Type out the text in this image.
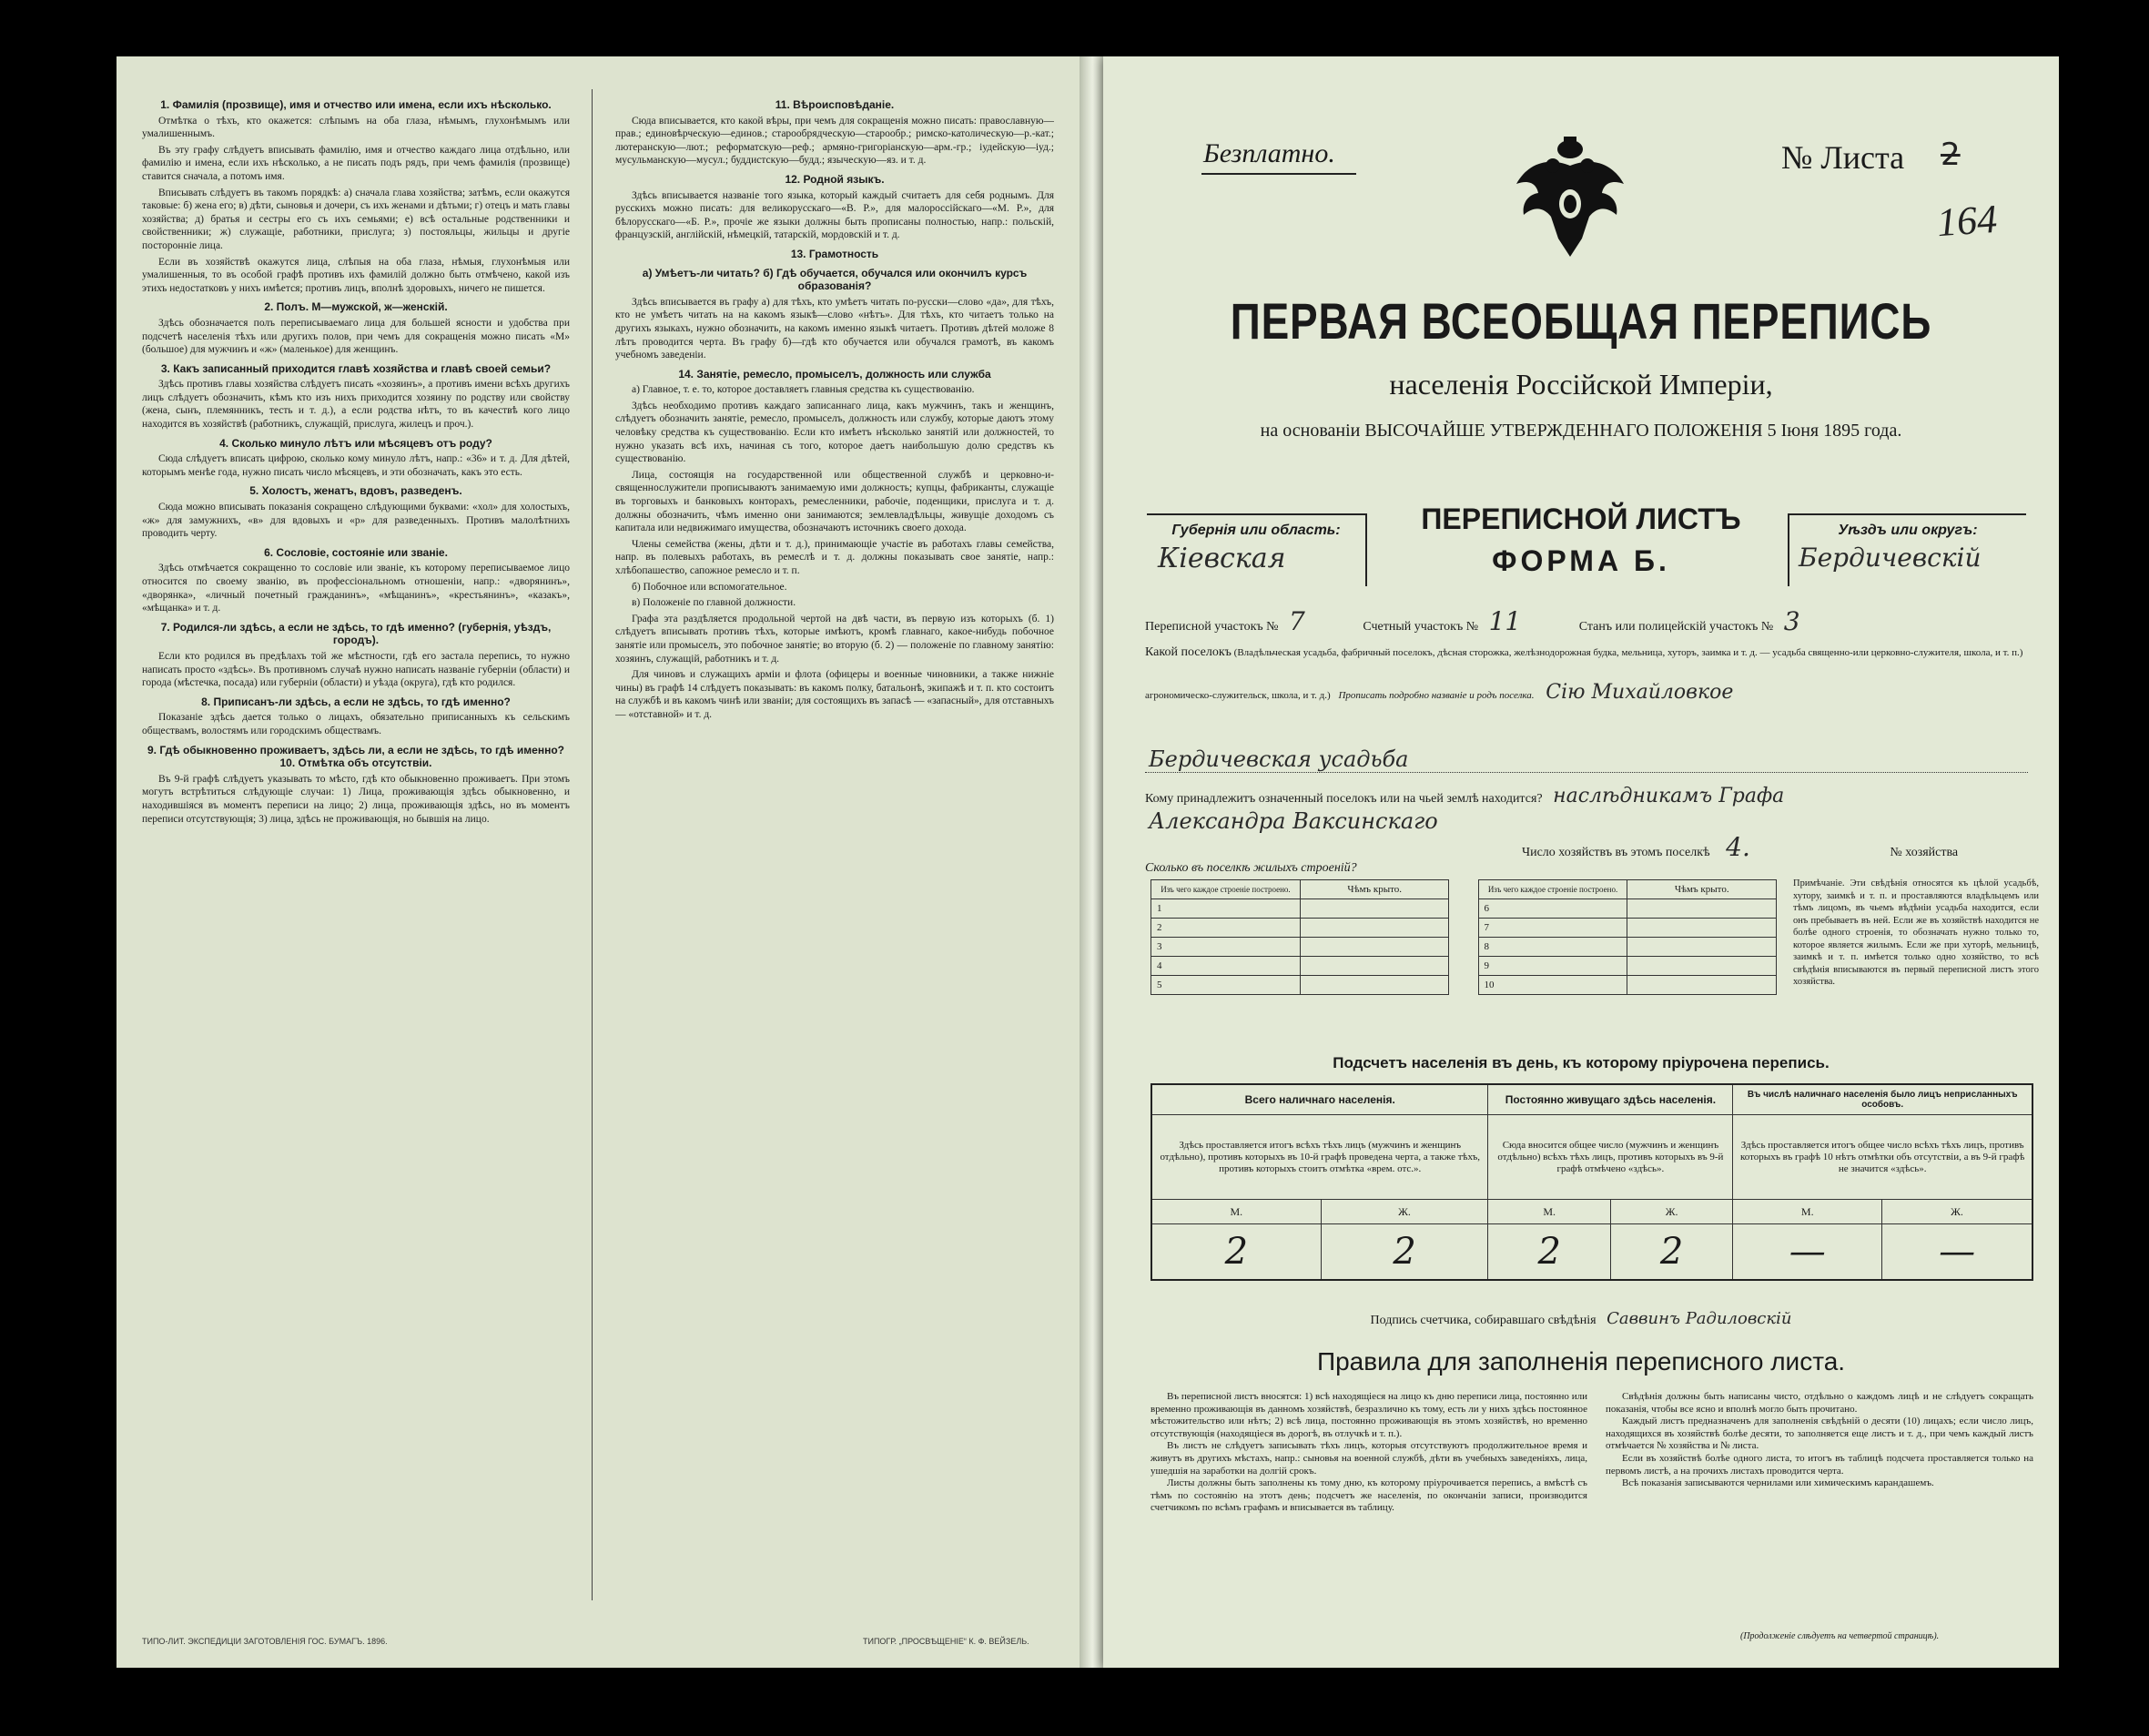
1. Фамилія (прозвище), имя и отчество или имена, если ихъ нѣсколько.

Отмѣтка о тѣхъ, кто окажется: слѣпымъ на оба глаза, нѣмымъ, глухонѣмымъ или умалишеннымъ.

Въ эту графу слѣдуетъ вписывать фамилію, имя и отчество каждаго лица отдѣльно, или фамилію и имена, если ихъ нѣсколько, а не писать подъ рядъ, при чемъ фамилія (прозвище) ставится сначала, а потомъ имя.

Вписывать слѣдуетъ въ такомъ порядкѣ: а) сначала глава хозяйства; затѣмъ, если окажутся таковые: б) жена его; в) дѣти, сыновья и дочери, съ ихъ женами и дѣтьми; г) отецъ и мать главы хозяйства; д) братья и сестры его съ ихъ семьями; е) всѣ остальные родственники и свойственники; ж) служащіе, работники, прислуга; з) постояльцы, жильцы и другіе посторонніе лица.

Если въ хозяйствѣ окажутся лица, слѣпыя на оба глаза, нѣмыя, глухонѣмыя или умалишенныя, то въ особой графѣ противъ ихъ фамилій должно быть отмѣчено, какой изъ этихъ недостатковъ у нихъ имѣется; противъ лицъ, вполнѣ здоровыхъ, ничего не пишется.

2. Полъ. М—мужской, ж—женскій.

Здѣсь обозначается полъ переписываемаго лица для большей ясности и удобства при подсчетѣ населенія тѣхъ или другихъ полов, при чемъ для сокращенія можно писать «М» (большое) для мужчинъ и «ж» (маленькое) для женщинъ.

3. Какъ записанный приходится главѣ хозяйства и главѣ своей семьи?

Здѣсь противъ главы хозяйства слѣдуетъ писать «хозяинъ», а противъ имени всѣхъ другихъ лицъ слѣдуетъ обозначить, кѣмъ кто изъ нихъ приходится хозяину по родству или свойству (жена, сынъ, племянникъ, тесть и т. д.), а если родства нѣтъ, то въ качествѣ кого лицо находится въ хозяйствѣ (работникъ, служащій, прислуга, жилецъ и проч.).

4. Сколько минуло лѣтъ или мѣсяцевъ отъ роду?

Сюда слѣдуетъ вписать цифрою, сколько кому минуло лѣтъ, напр.: «36» и т. д. Для дѣтей, которымъ менѣе года, нужно писать число мѣсяцевъ, и эти обозначать, какъ это есть.

5. Холостъ, женатъ, вдовъ, разведенъ.

Сюда можно вписывать показанія сокращено слѣдующими буквами: «хол» для холостыхъ, «ж» для замужнихъ, «в» для вдовыхъ и «р» для разведенныхъ. Противъ малолѣтнихъ проводить черту.

6. Сословіе, состояніе или званіе.

Здѣсь отмѣчается сокращенно то сословіе или званіе, къ которому переписываемое лицо относится по своему званію, въ профессіональномъ отношеніи, напр.: «дворянинъ», «дворянка», «личный почетный гражданинъ», «мѣщанинъ», «крестьянинъ», «казакъ», «мѣщанка» и т. д.

7. Родился-ли здѣсь, а если не здѣсь, то гдѣ именно? (губернія, уѣздъ, городъ).

Если кто родился въ предѣлахъ той же мѣстности, гдѣ его застала перепись, то нужно написать просто «здѣсь». Въ противномъ случаѣ нужно написать названіе губерніи (области) и города (мѣстечка, посада) или губерніи (области) и уѣзда (округа), гдѣ кто родился.

8. Приписанъ-ли здѣсь, а если не здѣсь, то гдѣ именно?

Показаніе здѣсь дается только о лицахъ, обязательно приписанныхъ къ сельскимъ обществамъ, волостямъ или городскимъ обществамъ.

9. Гдѣ обыкновенно проживаетъ, здѣсь ли, а если не здѣсь, то гдѣ именно? 10. Отмѣтка объ отсутствіи.

Въ 9-й графѣ слѣдуетъ указывать то мѣсто, гдѣ кто обыкновенно проживаетъ. При этомъ могутъ встрѣтиться слѣдующіе случаи: 1) Лица, проживающія здѣсь обыкновенно, и находившіяся въ моментъ переписи на лицо; 2) лица, проживающія здѣсь, но въ моментъ переписи отсутствующія; 3) лица, здѣсь не проживающія, но бывшія на лицо.

11. Вѣроисповѣданіе.

Сюда вписывается, кто какой вѣры, при чемъ для сокращенія можно писать: православную—прав.; единовѣрческую—единов.; старообрядческую—старообр.; римско-католическую—р.-кат.; лютеранскую—лют.; реформатскую—реф.; армяно-григоріанскую—арм.-гр.; іудейскую—іуд.; мусульманскую—мусул.; буддистскую—будд.; языческую—яз. и т. д.

12. Родной языкъ.

Здѣсь вписывается названіе того языка, который каждый считаетъ для себя роднымъ. Для русскихъ можно писать: для великорусскаго—«В. Р.», для малороссійскаго—«М. Р.», для бѣлорусскаго—«Б. Р.», прочіе же языки должны быть прописаны полностью, напр.: польскій, французскій, англійскій, нѣмецкій, татарскій, мордовскій и т. д.

13. Грамотность
а) Умѣетъ-ли читать? б) Гдѣ обучается, обучался или окончилъ курсъ образованія?

Здѣсь вписывается въ графу а) для тѣхъ, кто умѣетъ читать по-русски—слово «да», для тѣхъ, кто не умѣетъ читать на на какомъ языкѣ—слово «нѣтъ». Для тѣхъ, кто читаетъ только на другихъ языкахъ, нужно обозначить, на какомъ именно языкѣ читаетъ. Противъ дѣтей моложе 8 лѣтъ проводится черта. Въ графу б)—гдѣ кто обучается или обучался грамотѣ, въ какомъ учебномъ заведеніи.

14. Занятіе, ремесло, промыселъ, должность или служба

а) Главное, т. е. то, которое доставляетъ главныя средства къ существованію.

Здѣсь необходимо противъ каждаго записаннаго лица, какъ мужчинъ, такъ и женщинъ, слѣдуетъ обозначить занятіе, ремесло, промыселъ, должность или службу, которые даютъ этому человѣку средства къ существованію. Если кто имѣетъ нѣсколько занятій или должностей, то нужно указать всѣ ихъ, начиная съ того, которое даетъ наибольшую долю средствъ къ существованію.

Лица, состоящія на государственной или общественной службѣ и церковно-и-священнослужители прописываютъ занимаемую ими должность; купцы, фабриканты, служащіе въ торговыхъ и банковыхъ конторахъ, ремесленники, рабочіе, поденщики, прислуга и т. д. должны обозначить, чѣмъ именно они занимаются; землевладѣльцы, живущіе доходомъ съ капитала или недвижимаго имущества, обозначаютъ источникъ своего дохода.

Члены семейства (жены, дѣти и т. д.), принимающіе участіе въ работахъ главы семейства, напр. въ полевыхъ работахъ, въ ремеслѣ и т. д. должны показывать свое занятіе, напр.: хлѣбопашество, сапожное ремесло и т. п.

б) Побочное или вспомогательное.

в) Положеніе по главной должности.

Графа эта раздѣляется продольной чертой на двѣ части, въ первую изъ которыхъ (б. 1) слѣдуетъ вписывать противъ тѣхъ, которые имѣютъ, кромѣ главнаго, какое-нибудь побочное занятіе или промыселъ, это побочное занятіе; во вторую (б. 2) — положеніе по главному занятію: хозяинъ, служащій, работникъ и т. д.

Для чиновъ и служащихъ армiи и флота (офицеры и военные чиновники, а также нижніе чины) въ графѣ 14 слѣдуетъ показывать: въ какомъ полку, батальонѣ, экипажѣ и т. п. кто состоитъ на службѣ и въ какомъ чинѣ или званіи; для состоящихъ въ запасѣ — «запасный», для отставныхъ — «отставной» и т. д.

ТИПО-ЛИТ. ЭКСПЕДИЦІИ ЗАГОТОВЛЕНІЯ ГОС. БУМАГЪ. 1896.	ТИПОГР. „ПРОСВѢЩЕНІЕ“ К. Ф. ВЕЙЗЕЛЬ.
Безплатно.	№ Листа 2
164
ПЕРВАЯ ВСЕОБЩАЯ ПЕРЕПИСЬ
населенія Россійской Имперіи,
на основаніи ВЫСОЧАЙШЕ УТВЕРЖДЕННАГО ПОЛОЖЕНІЯ 5 Іюня 1895 года.
Губернія или область:
Кіевская
ПЕРЕПИСНОЙ ЛИСТЪ
ФОРМА Б.
Уѣздъ или округъ:
Бердичевскій
Переписной участокъ № 7	Счетный участокъ № 11	Станъ или полицейскій участокъ № 3
Какой поселокъ (Владѣльческая усадьба, фабричный поселокъ, дѣсная сторожка, желѣзнодорожная будка, мельница, хуторъ, заимка и т. д. — усадьба священно-или церковно-служителя, школа, и т. п.)
агрономическо-служительск, школа, и т. д.) Прописать подробно названіе и родъ поселка. Сію Михайловкое
Бердичевская усадьба
Кому принадлежитъ означенный поселокъ или на чьей землѣ находится? наслѣдникамъ Графа
Александра Ваксинскаго
Число хозяйствъ въ этомъ поселкѣ 4.	№ хозяйства
Сколько въ поселкѣ жилыхъ строеній?
Изъ чего каждое строеніе построено.	Чѣмъ крыто.		Изъ чего каждое строеніе построено.	Чѣмъ крыто.
1			6	
2			7	
3			8	
4			9	
5			10	
Примѣчаніе. Эти свѣдѣнія относятся къ цѣлой усадьбѣ, хутору, заимкѣ и т. п. и проставляются владѣльцемъ или тѣмъ лицомъ, въ чьемъ вѣдѣніи усадьба находится, если онъ пребываетъ въ ней. Если же въ хозяйствѣ находится не болѣе одного строенія, то обозначать нужно только то, которое является жилымъ. Если же при хуторѣ, мельницѣ, заимкѣ и т. п. имѣется только одно хозяйство, то всѣ свѣдѣнія вписываются въ первый переписной листъ этого хозяйства.
Подсчетъ населенія въ день, къ которому пріурочена перепись.
Всего наличнаго населенія.		Постоянно живущаго здѣсь населенія.		Въ числѣ наличнаго населенія было лицъ неприсланныхъ особовъ.	
Здѣсь проставляется итогъ всѣхъ тѣхъ лицъ (мужчинъ и женщинъ отдѣльно), противъ которыхъ въ 10-й графѣ проведена черта, а также тѣхъ, противъ которыхъ стоитъ отмѣтка «врем. отс.».		Сюда вносится общее число (мужчинъ и женщинъ отдѣльно) всѣхъ тѣхъ лицъ, противъ которыхъ въ 9-й графѣ отмѣчено «здѣсь».		Здѣсь проставляется итогъ общее число всѣхъ тѣхъ лицъ, противъ которыхъ въ графѣ 10 нѣтъ отмѣтки объ отсутствіи, а въ 9-й графѣ не значится «здѣсь».	
М.	Ж.	М.	Ж.	М.	Ж.
2	2	2	2	—	—
Подпись счетчика, собиравшаго свѣдѣнія Саввинъ Радиловскій
Правила для заполненія переписного листа.

Въ переписной листъ вносятся: 1) всѣ находящіеся на лицо къ дню переписи лица, постоянно или временно проживающія въ данномъ хозяйствѣ, безразлично къ тому, есть ли у нихъ здѣсь постоянное мѣстожительство или нѣтъ; 2) всѣ лица, постоянно проживающія въ этомъ хозяйствѣ, но временно отсутствующія (находящіеся въ дорогѣ, въ отлучкѣ и т. п.).

Въ листъ не слѣдуетъ записывать тѣхъ лицъ, которыя отсутствуютъ продолжительное время и живутъ въ другихъ мѣстахъ, напр.: сыновья на военной службѣ, дѣти въ учебныхъ заведеніяхъ, лица, ушедшія на заработки на долгій срокъ.

Листы должны быть заполнены къ тому дню, къ которому пріурочивается перепись, а вмѣстѣ съ тѣмъ по состоянію на этотъ день; подсчетъ же населенія, по окончаніи записи, производится счетчикомъ по всѣмъ графамъ и вписывается въ таблицу.

Свѣдѣнія должны быть написаны чисто, отдѣльно о каждомъ лицѣ и не слѣдуетъ сокращать показанія, чтобы все ясно и вполнѣ могло быть прочитано.

Каждый листъ предназначенъ для заполненія свѣдѣній о десяти (10) лицахъ; если число лицъ, находящихся въ хозяйствѣ болѣе десяти, то заполняется еще листъ и т. д., при чемъ каждый листъ отмѣчается № хозяйства и № листа.

Если въ хозяйствѣ болѣе одного листа, то итогъ въ таблицѣ подсчета проставляется только на первомъ листѣ, а на прочихъ листахъ проводится черта.

Всѣ показанія записываются чернилами или химическимъ карандашемъ.

(Продолженіе слѣдуетъ на четвертой страницѣ).
